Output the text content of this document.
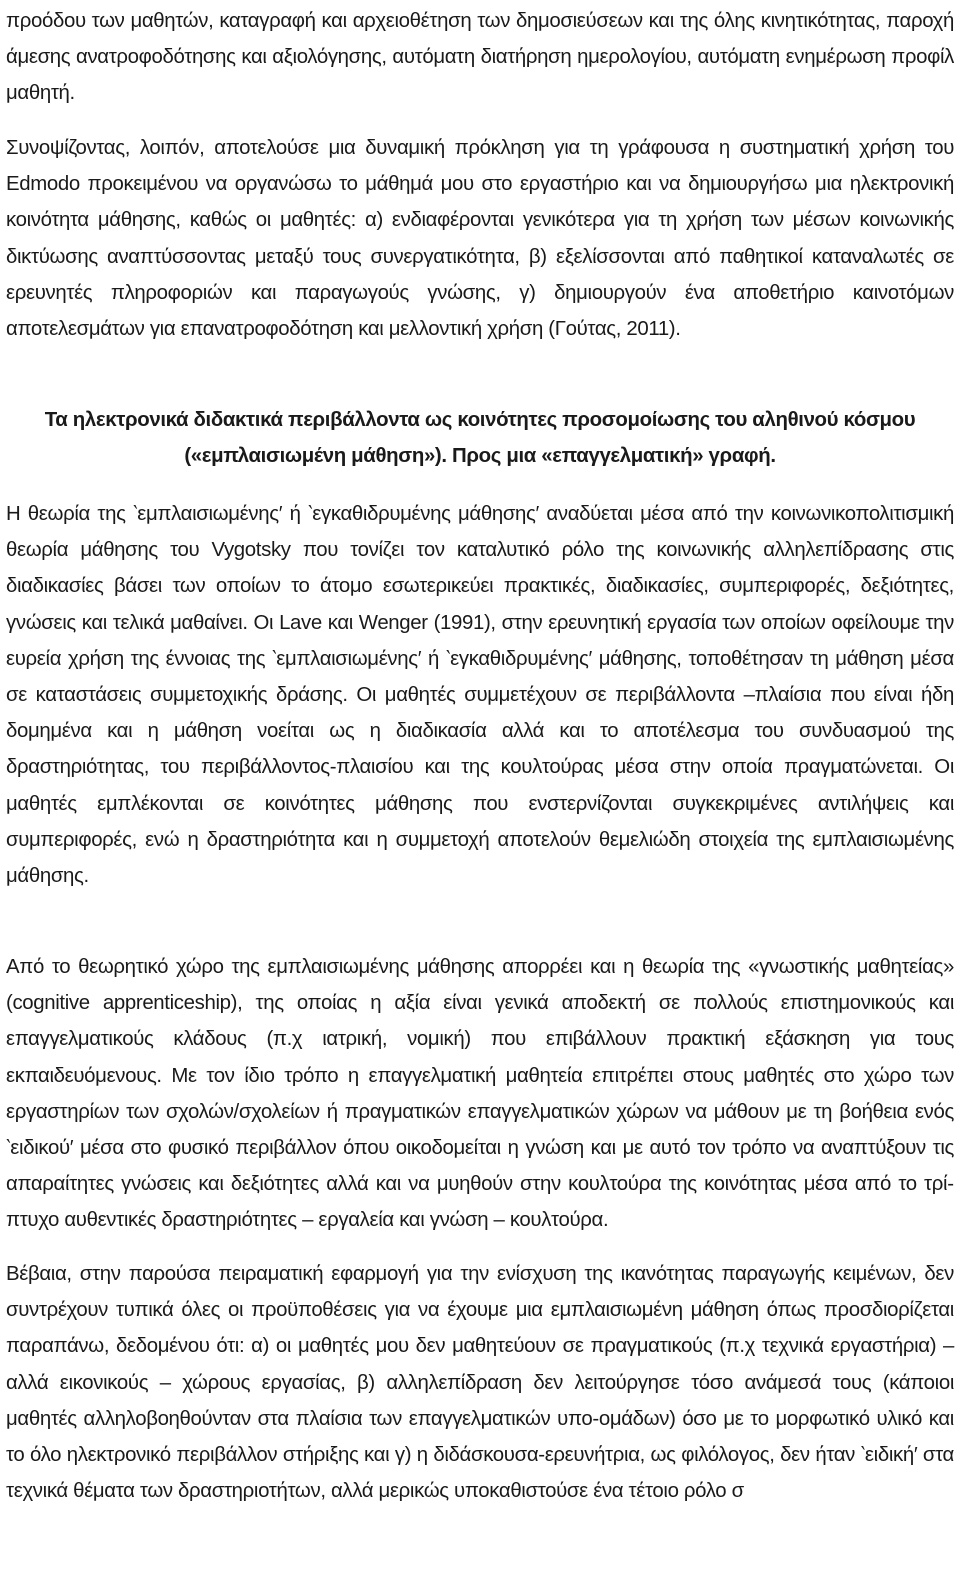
προόδου των μαθητών, καταγραφή και αρχειοθέτηση των δημοσιεύσεων και της όλης κινητικότητας, παροχή άμεσης ανατροφοδότησης και αξιολόγησης, αυτόματη διατήρηση ημερολογίου, αυτόματη ενημέρωση προφίλ μαθητή.

Συνοψίζοντας, λοιπόν, αποτελούσε μια δυναμική πρόκληση για τη γράφουσα η συστηματική χρήση του Edmodo προκειμένου να οργανώσω το μάθημά μου στο εργαστήριο και να δημιουργήσω μια ηλεκτρονική κοινότητα μάθησης, καθώς οι μαθητές: α) ενδιαφέρονται γενικότερα για τη χρήση των μέσων κοινωνικής δικτύωσης αναπτύσσοντας μεταξύ τους συνεργατικότητα, β) εξελίσσονται από παθητικοί καταναλωτές σε ερευνητές πληροφοριών και παραγωγούς γνώσης, γ) δημιουργούν ένα αποθετήριο καινοτόμων αποτελεσμάτων για επανατροφοδότηση και μελλοντική χρήση (Γούτας, 2011).

Τα ηλεκτρονικά διδακτικά περιβάλλοντα ως κοινότητες προσομοίωσης του αληθινού κόσμου («εμπλαισιωμένη μάθηση»). Προς μια «επαγγελματική» γραφή.

Η θεωρία της ‵εμπλαισιωμένης′ ή ‵εγκαθιδρυμένης μάθησης′ αναδύεται μέσα από την κοινωνικοπολιτισμική θεωρία μάθησης του Vygotsky που τονίζει τον καταλυτικό ρόλο της κοινωνικής αλληλεπίδρασης στις διαδικασίες βάσει των οποίων το άτομο εσωτερικεύει πρακτικές, διαδικασίες, συμπεριφορές, δεξιότητες, γνώσεις και τελικά μαθαίνει. Οι Lave και Wenger (1991), στην ερευνητική εργασία των οποίων οφείλουμε την ευρεία χρήση της έννοιας της ‵εμπλαισιωμένης′ ή ‵εγκαθιδρυμένης′ μάθησης, τοποθέτησαν τη μάθηση μέσα σε καταστάσεις συμμετοχικής δράσης. Οι μαθητές συμμετέχουν σε περιβάλλοντα –πλαίσια που είναι ήδη δομημένα και η μάθηση νοείται ως η διαδικασία αλλά και το αποτέλεσμα του συνδυασμού της δραστηριότητας, του περιβάλλοντος-πλαισίου και της κουλτούρας μέσα στην οποία πραγματώνεται. Οι μαθητές εμπλέκονται σε κοινότητες μάθησης που ενστερνίζονται συγκεκριμένες αντιλήψεις και συμπεριφορές, ενώ η δραστηριότητα και η συμμετοχή αποτελούν θεμελιώδη στοιχεία της εμπλαισιωμένης μάθησης.

Από το θεωρητικό χώρο της εμπλαισιωμένης μάθησης απορρέει και η θεωρία της «γνωστικής μαθητείας» (cognitive apprenticeship), της οποίας η αξία είναι γενικά αποδεκτή σε πολλούς επιστημονικούς και επαγγελματικούς κλάδους (π.χ ιατρική, νομική) που επιβάλλουν πρακτική εξάσκηση για τους εκπαιδευόμενους. Με τον ίδιο τρόπο η επαγγελματική μαθητεία επιτρέπει στους μαθητές στο χώρο των εργαστηρίων των σχολών/σχολείων ή πραγματικών επαγγελματικών χώρων να μάθουν με τη βοήθεια ενός ‵ειδικού′ μέσα στο φυσικό περιβάλλον όπου οικοδομείται η γνώση και με αυτό τον τρόπο να αναπτύξουν τις απαραίτητες γνώσεις και δεξιότητες αλλά και να μυηθούν στην κουλτούρα της κοινότητας μέσα από το τρίπτυχο αυθεντικές δραστηριότητες – εργαλεία και γνώση – κουλτούρα.

Βέβαια, στην παρούσα πειραματική εφαρμογή για την ενίσχυση της ικανότητας παραγωγής κειμένων, δεν συντρέχουν τυπικά όλες οι προϋποθέσεις για να έχουμε μια εμπλαισιωμένη μάθηση όπως προσδιορίζεται παραπάνω, δεδομένου ότι: α) οι μαθητές μου δεν μαθητεύουν σε πραγματικούς (π.χ τεχνικά εργαστήρια) – αλλά εικονικούς – χώρους εργασίας, β) αλληλεπίδραση δεν λειτούργησε τόσο ανάμεσά τους (κάποιοι μαθητές αλληλοβοηθούνταν στα πλαίσια των επαγγελματικών υπο-ομάδων) όσο με το μορφωτικό υλικό και το όλο ηλεκτρονικό περιβάλλον στήριξης και γ) η διδάσκουσα-ερευνήτρια, ως φιλόλογος, δεν ήταν ‵ειδική′ στα τεχνικά θέματα των δραστηριοτήτων, αλλά μερικώς υποκαθιστούσε ένα τέτοιο ρόλο σ
